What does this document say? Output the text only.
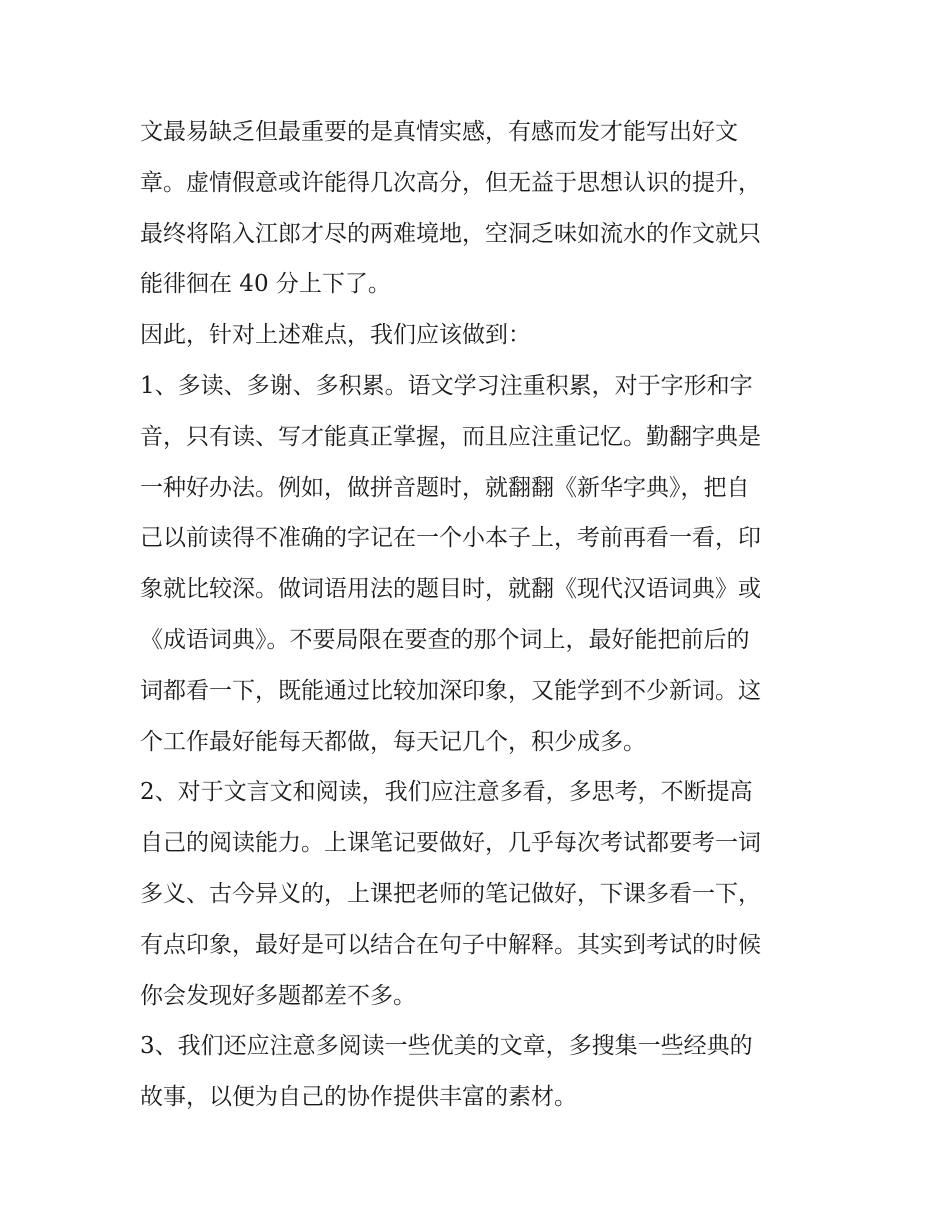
文最易缺乏但最重要的是真情实感，有感而发才能写出好文
章。虚情假意或许能得几次高分，但无益于思想认识的提升，
最终将陷入江郎才尽的两难境地，空洞乏味如流水的作文就只
能徘徊在 40 分上下了。
因此，针对上述难点，我们应该做到：
1、多读、多谢、多积累。语文学习注重积累，对于字形和字
音，只有读、写才能真正掌握，而且应注重记忆。勤翻字典是
一种好办法。例如，做拼音题时，就翻翻《新华字典》，把自
己以前读得不准确的字记在一个小本子上，考前再看一看，印
象就比较深。做词语用法的题目时，就翻《现代汉语词典》或
《成语词典》。不要局限在要查的那个词上，最好能把前后的
词都看一下，既能通过比较加深印象，又能学到不少新词。这
个工作最好能每天都做，每天记几个，积少成多。
2、对于文言文和阅读，我们应注意多看，多思考，不断提高
自己的阅读能力。上课笔记要做好，几乎每次考试都要考一词
多义、古今异义的，上课把老师的笔记做好，下课多看一下，
有点印象，最好是可以结合在句子中解释。其实到考试的时候
你会发现好多题都差不多。
3、我们还应注意多阅读一些优美的文章，多搜集一些经典的
故事，以便为自己的协作提供丰富的素材。
